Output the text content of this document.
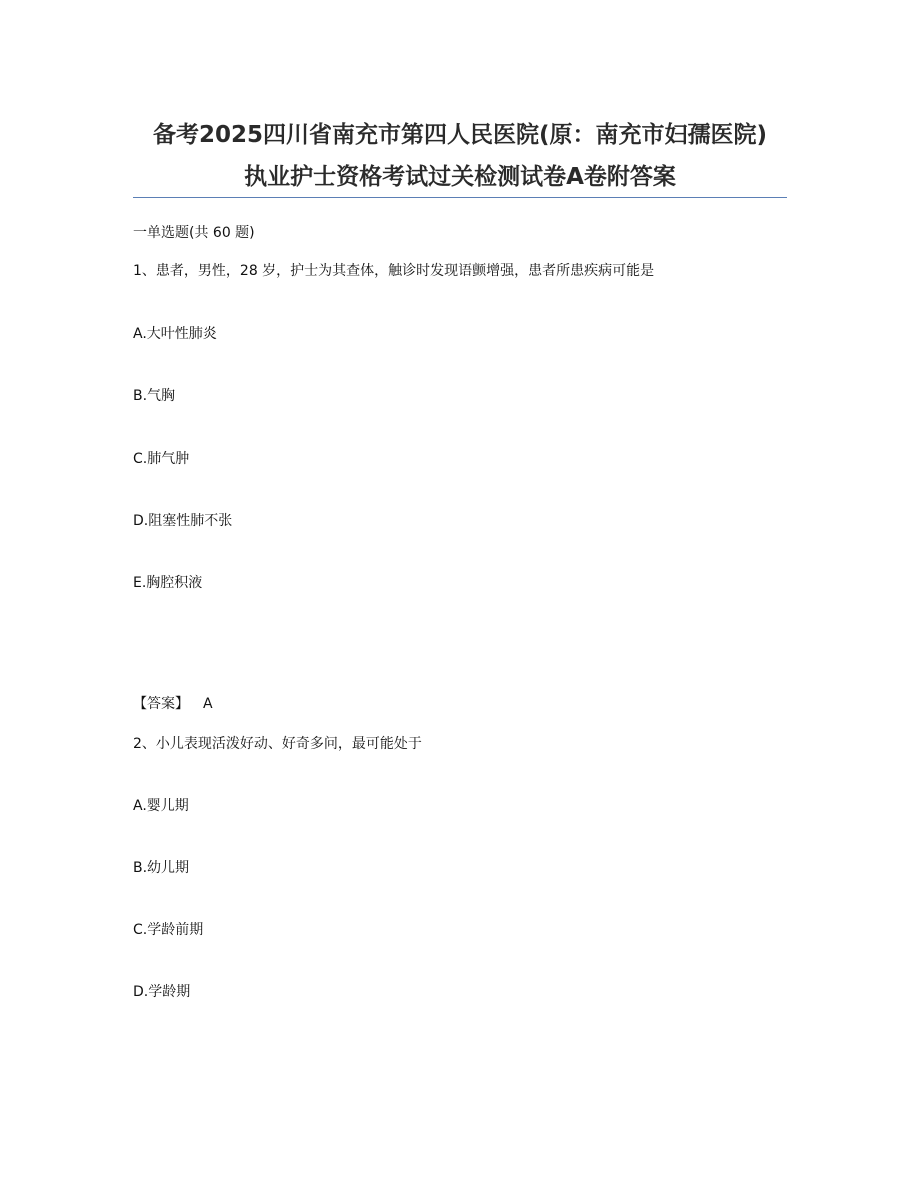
备考2025四川省南充市第四人民医院(原：南充市妇孺医院)
执业护士资格考试过关检测试卷A卷附答案
一单选题(共 60 题)
1、患者，男性，28 岁，护士为其查体，触诊时发现语颤增强，患者所患疾病可能是
A.大叶性肺炎
B.气胸
C.肺气肿
D.阻塞性肺不张
E.胸腔积液
【答案】 A
2、小儿表现活泼好动、好奇多问，最可能处于
A.婴儿期
B.幼儿期
C.学龄前期
D.学龄期
